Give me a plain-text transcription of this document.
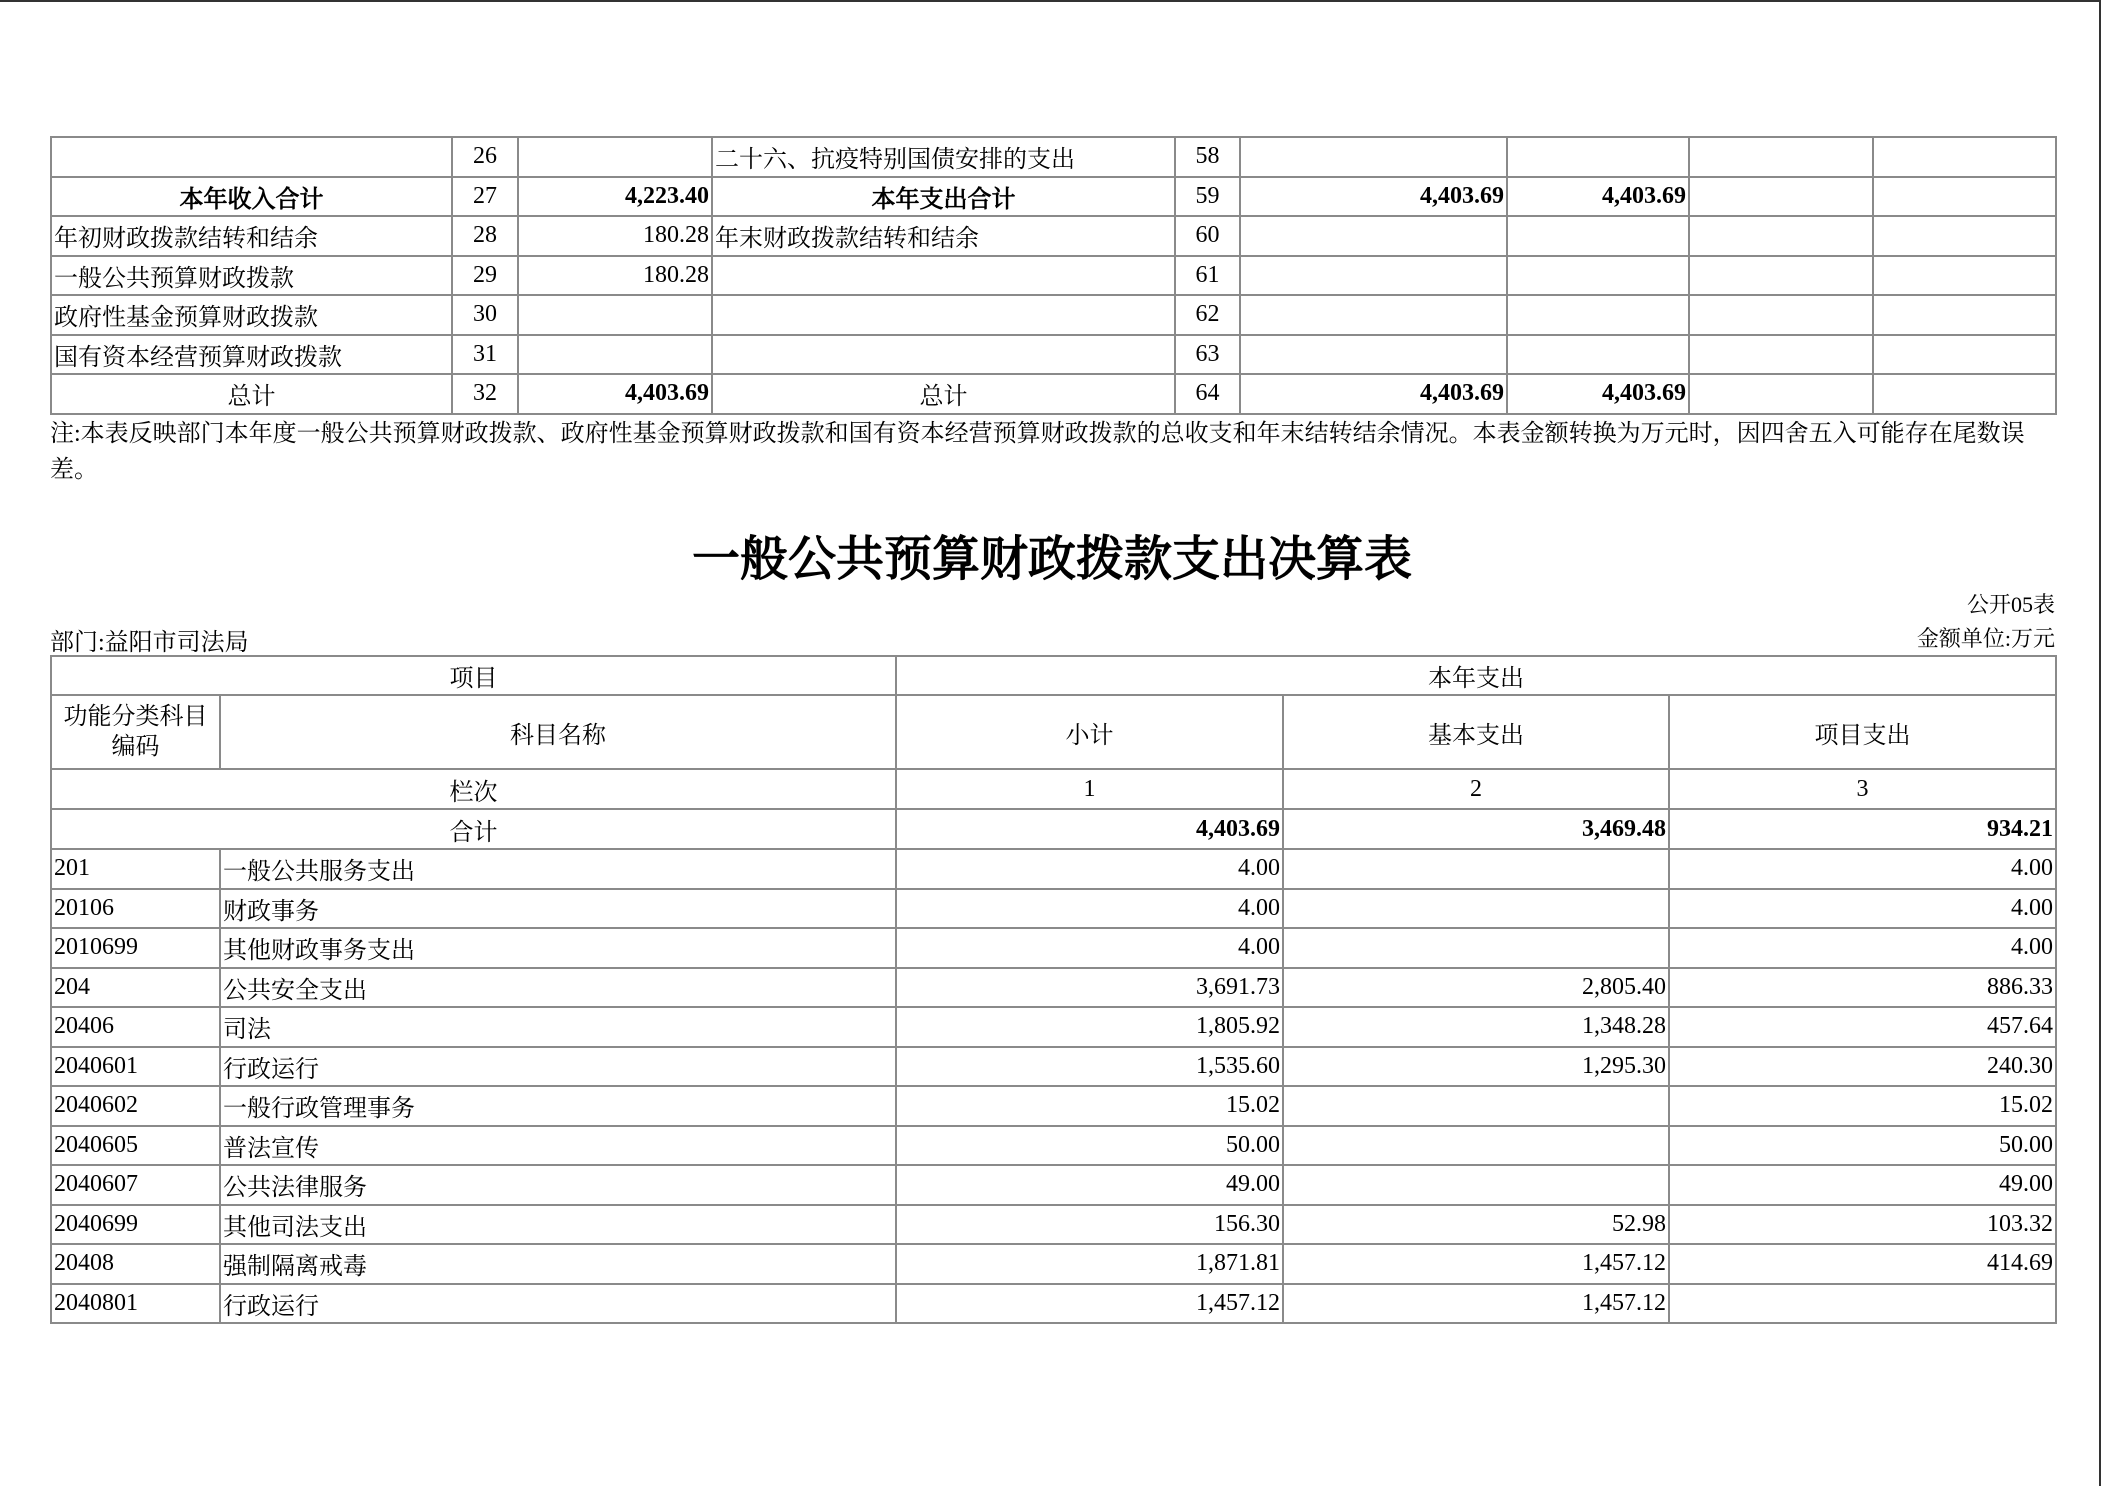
	26		二十六、抗疫特别国债安排的支出	58				
本年收入合计	27	4,223.40	本年支出合计	59	4,403.69	4,403.69		
年初财政拨款结转和结余	28	180.28	年末财政拨款结转和结余	60				
一般公共预算财政拨款	29	180.28		61				
政府性基金预算财政拨款	30			62				
国有资本经营预算财政拨款	31			63				
总计	32	4,403.69	总计	64	4,403.69	4,403.69		
注:本表反映部门本年度一般公共预算财政拨款、政府性基金预算财政拨款和国有资本经营预算财政拨款的总收支和年末结转结余情况。本表金额转换为万元时，因四舍五入可能存在尾数误差。
一般公共预算财政拨款支出决算表
公开05表
部门:益阳市司法局	金额单位:万元
项目		本年支出		
功能分类科目编码	科目名称	小计	基本支出	项目支出
栏次		1	2	3
合计		4,403.69	3,469.48	934.21
201	一般公共服务支出	4.00		4.00
20106	财政事务	4.00		4.00
2010699	其他财政事务支出	4.00		4.00
204	公共安全支出	3,691.73	2,805.40	886.33
20406	司法	1,805.92	1,348.28	457.64
2040601	行政运行	1,535.60	1,295.30	240.30
2040602	一般行政管理事务	15.02		15.02
2040605	普法宣传	50.00		50.00
2040607	公共法律服务	49.00		49.00
2040699	其他司法支出	156.30	52.98	103.32
20408	强制隔离戒毒	1,871.81	1,457.12	414.69
2040801	行政运行	1,457.12	1,457.12	
